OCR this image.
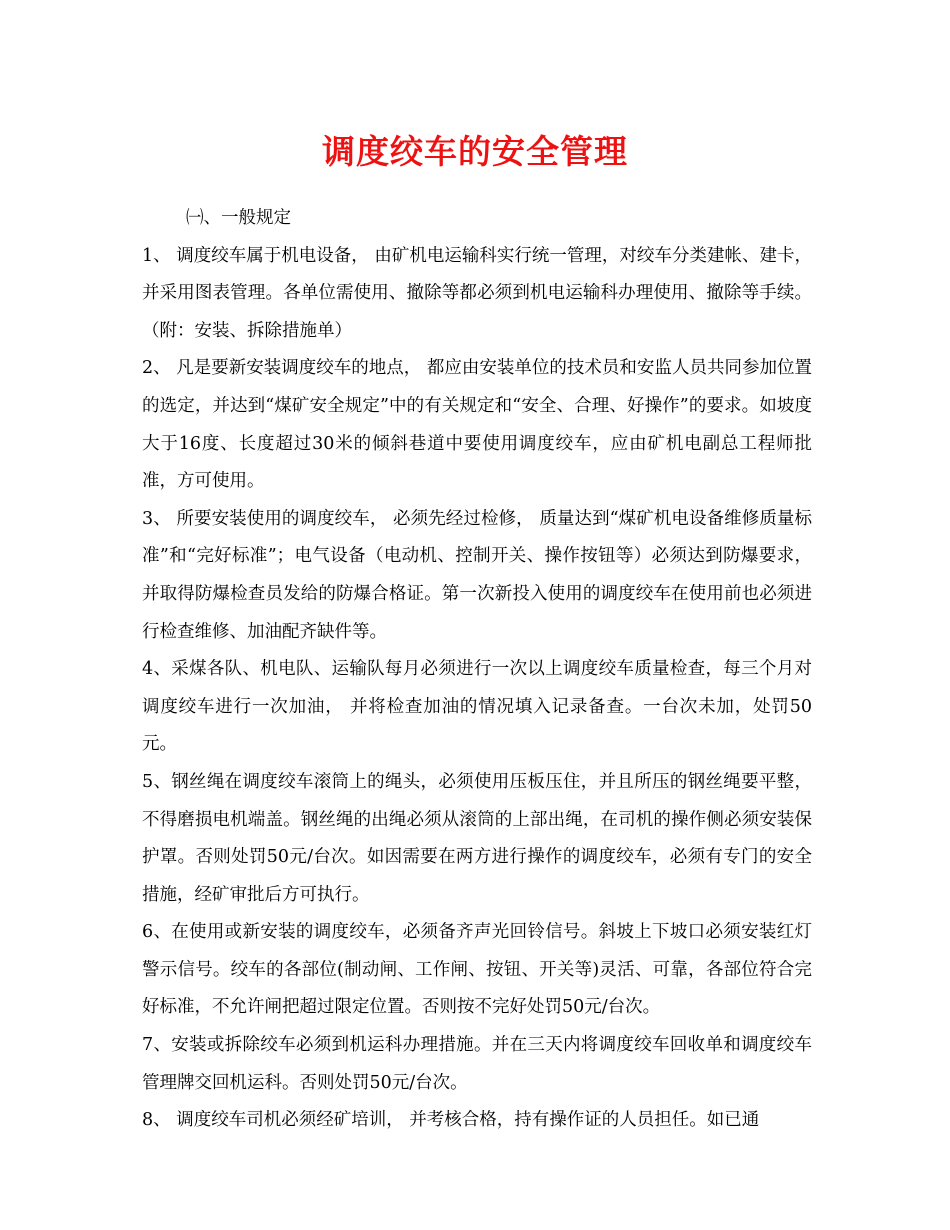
调度绞车的安全管理

㈠、一般规定

1、 调度绞车属于机电设备， 由矿机电运输科实行统一管理，对绞车分类建帐、建卡，并采用图表管理。各单位需使用、撤除等都必须到机电运输科办理使用、撤除等手续。（附：安装、拆除措施单）

2、 凡是要新安装调度绞车的地点， 都应由安装单位的技术员和安监人员共同参加位置的选定，并达到“煤矿安全规定”中的有关规定和“安全、合理、好操作”的要求。如坡度大于16度、长度超过30米的倾斜巷道中要使用调度绞车，应由矿机电副总工程师批准，方可使用。

3、 所要安装使用的调度绞车， 必须先经过检修， 质量达到“煤矿机电设备维修质量标准”和“完好标准”；电气设备（电动机、控制开关、操作按钮等）必须达到防爆要求，并取得防爆检查员发给的防爆合格证。第一次新投入使用的调度绞车在使用前也必须进行检查维修、加油配齐缺件等。

4、采煤各队、机电队、运输队每月必须进行一次以上调度绞车质量检查，每三个月对调度绞车进行一次加油， 并将检查加油的情况填入记录备查。一台次未加，处罚50元。

5、钢丝绳在调度绞车滚筒上的绳头，必须使用压板压住，并且所压的钢丝绳要平整，不得磨损电机端盖。钢丝绳的出绳必须从滚筒的上部出绳，在司机的操作侧必须安装保护罩。否则处罚50元/台次。如因需要在两方进行操作的调度绞车，必须有专门的安全措施，经矿审批后方可执行。

6、在使用或新安装的调度绞车，必须备齐声光回铃信号。斜坡上下坡口必须安装红灯警示信号。绞车的各部位(制动闸、工作闸、按钮、开关等)灵活、可靠，各部位符合完好标准，不允许闸把超过限定位置。否则按不完好处罚50元/台次。

7、安装或拆除绞车必须到机运科办理措施。并在三天内将调度绞车回收单和调度绞车管理牌交回机运科。否则处罚50元/台次。

8、 调度绞车司机必须经矿培训， 并考核合格，持有操作证的人员担任。如已通
